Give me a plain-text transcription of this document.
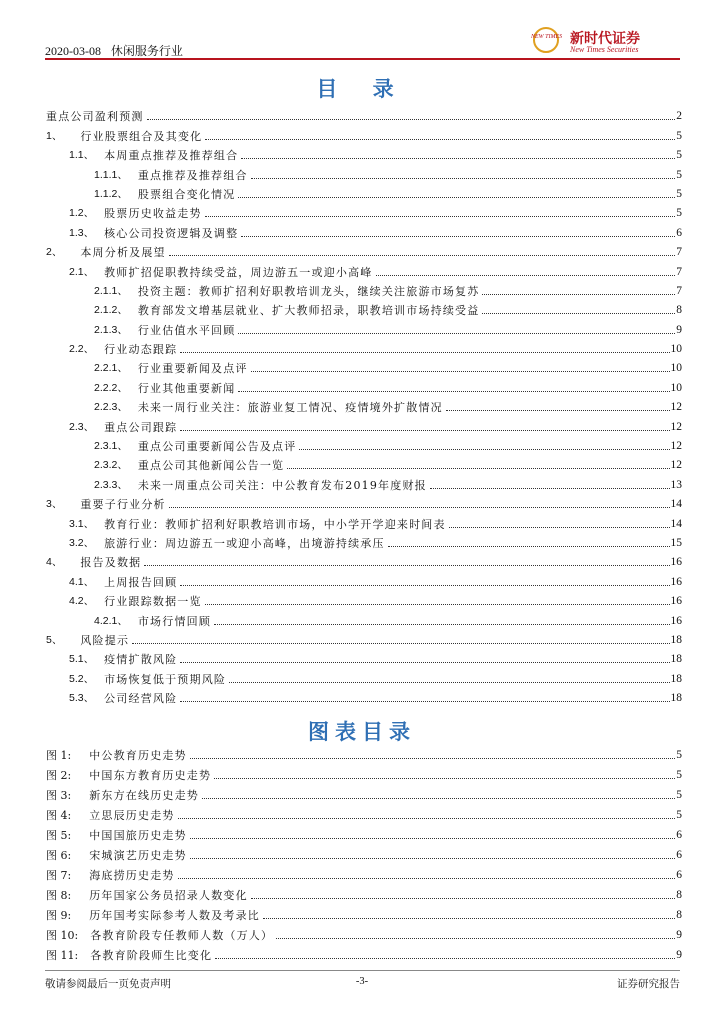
2020-03-08 休闲服务行业
NEW TIMES 新时代证券
New Times Securities
目 录
重点公司盈利预测	2
1、	行业股票组合及其变化	5
1.1、 本周重点推荐及推荐组合	5
1.1.1、 重点推荐及推荐组合	5
1.1.2、 股票组合变化情况	5
1.2、 股票历史收益走势	5
1.3、 核心公司投资逻辑及调整	6
2、	本周分析及展望	7
2.1、 教师扩招促职教持续受益，周边游五一或迎小高峰	7
2.1.1、 投资主题：教师扩招利好职教培训龙头，继续关注旅游市场复苏	7
2.1.2、 教育部发文增基层就业、扩大教师招录，职教培训市场持续受益	8
2.1.3、 行业估值水平回顾	9
2.2、 行业动态跟踪	10
2.2.1、 行业重要新闻及点评	10
2.2.2、 行业其他重要新闻	10
2.2.3、 未来一周行业关注：旅游业复工情况、疫情境外扩散情况	12
2.3、 重点公司跟踪	12
2.3.1、 重点公司重要新闻公告及点评	12
2.3.2、 重点公司其他新闻公告一览	12
2.3.3、 未来一周重点公司关注：中公教育发布2019年度财报	13
3、	重要子行业分析	14
3.1、 教育行业：教师扩招利好职教培训市场，中小学开学迎来时间表	14
3.2、 旅游行业：周边游五一或迎小高峰，出境游持续承压	15
4、	报告及数据	16
4.1、 上周报告回顾	16
4.2、 行业跟踪数据一览	16
4.2.1、 市场行情回顾	16
5、	风险提示	18
5.1、 疫情扩散风险	18
5.2、 市场恢复低于预期风险	18
5.3、 公司经营风险	18
图表目录
图 1:	中公教育历史走势	5
图 2:	中国东方教育历史走势	5
图 3:	新东方在线历史走势	5
图 4:	立思辰历史走势	5
图 5:	中国国旅历史走势	6
图 6:	宋城演艺历史走势	6
图 7:	海底捞历史走势	6
图 8:	历年国家公务员招录人数变化	8
图 9:	历年国考实际参考人数及考录比	8
图 10:	各教育阶段专任教师人数（万人）	9
图 11:	各教育阶段师生比变化	9
敬请参阅最后一页免责声明	-3-	证券研究报告
